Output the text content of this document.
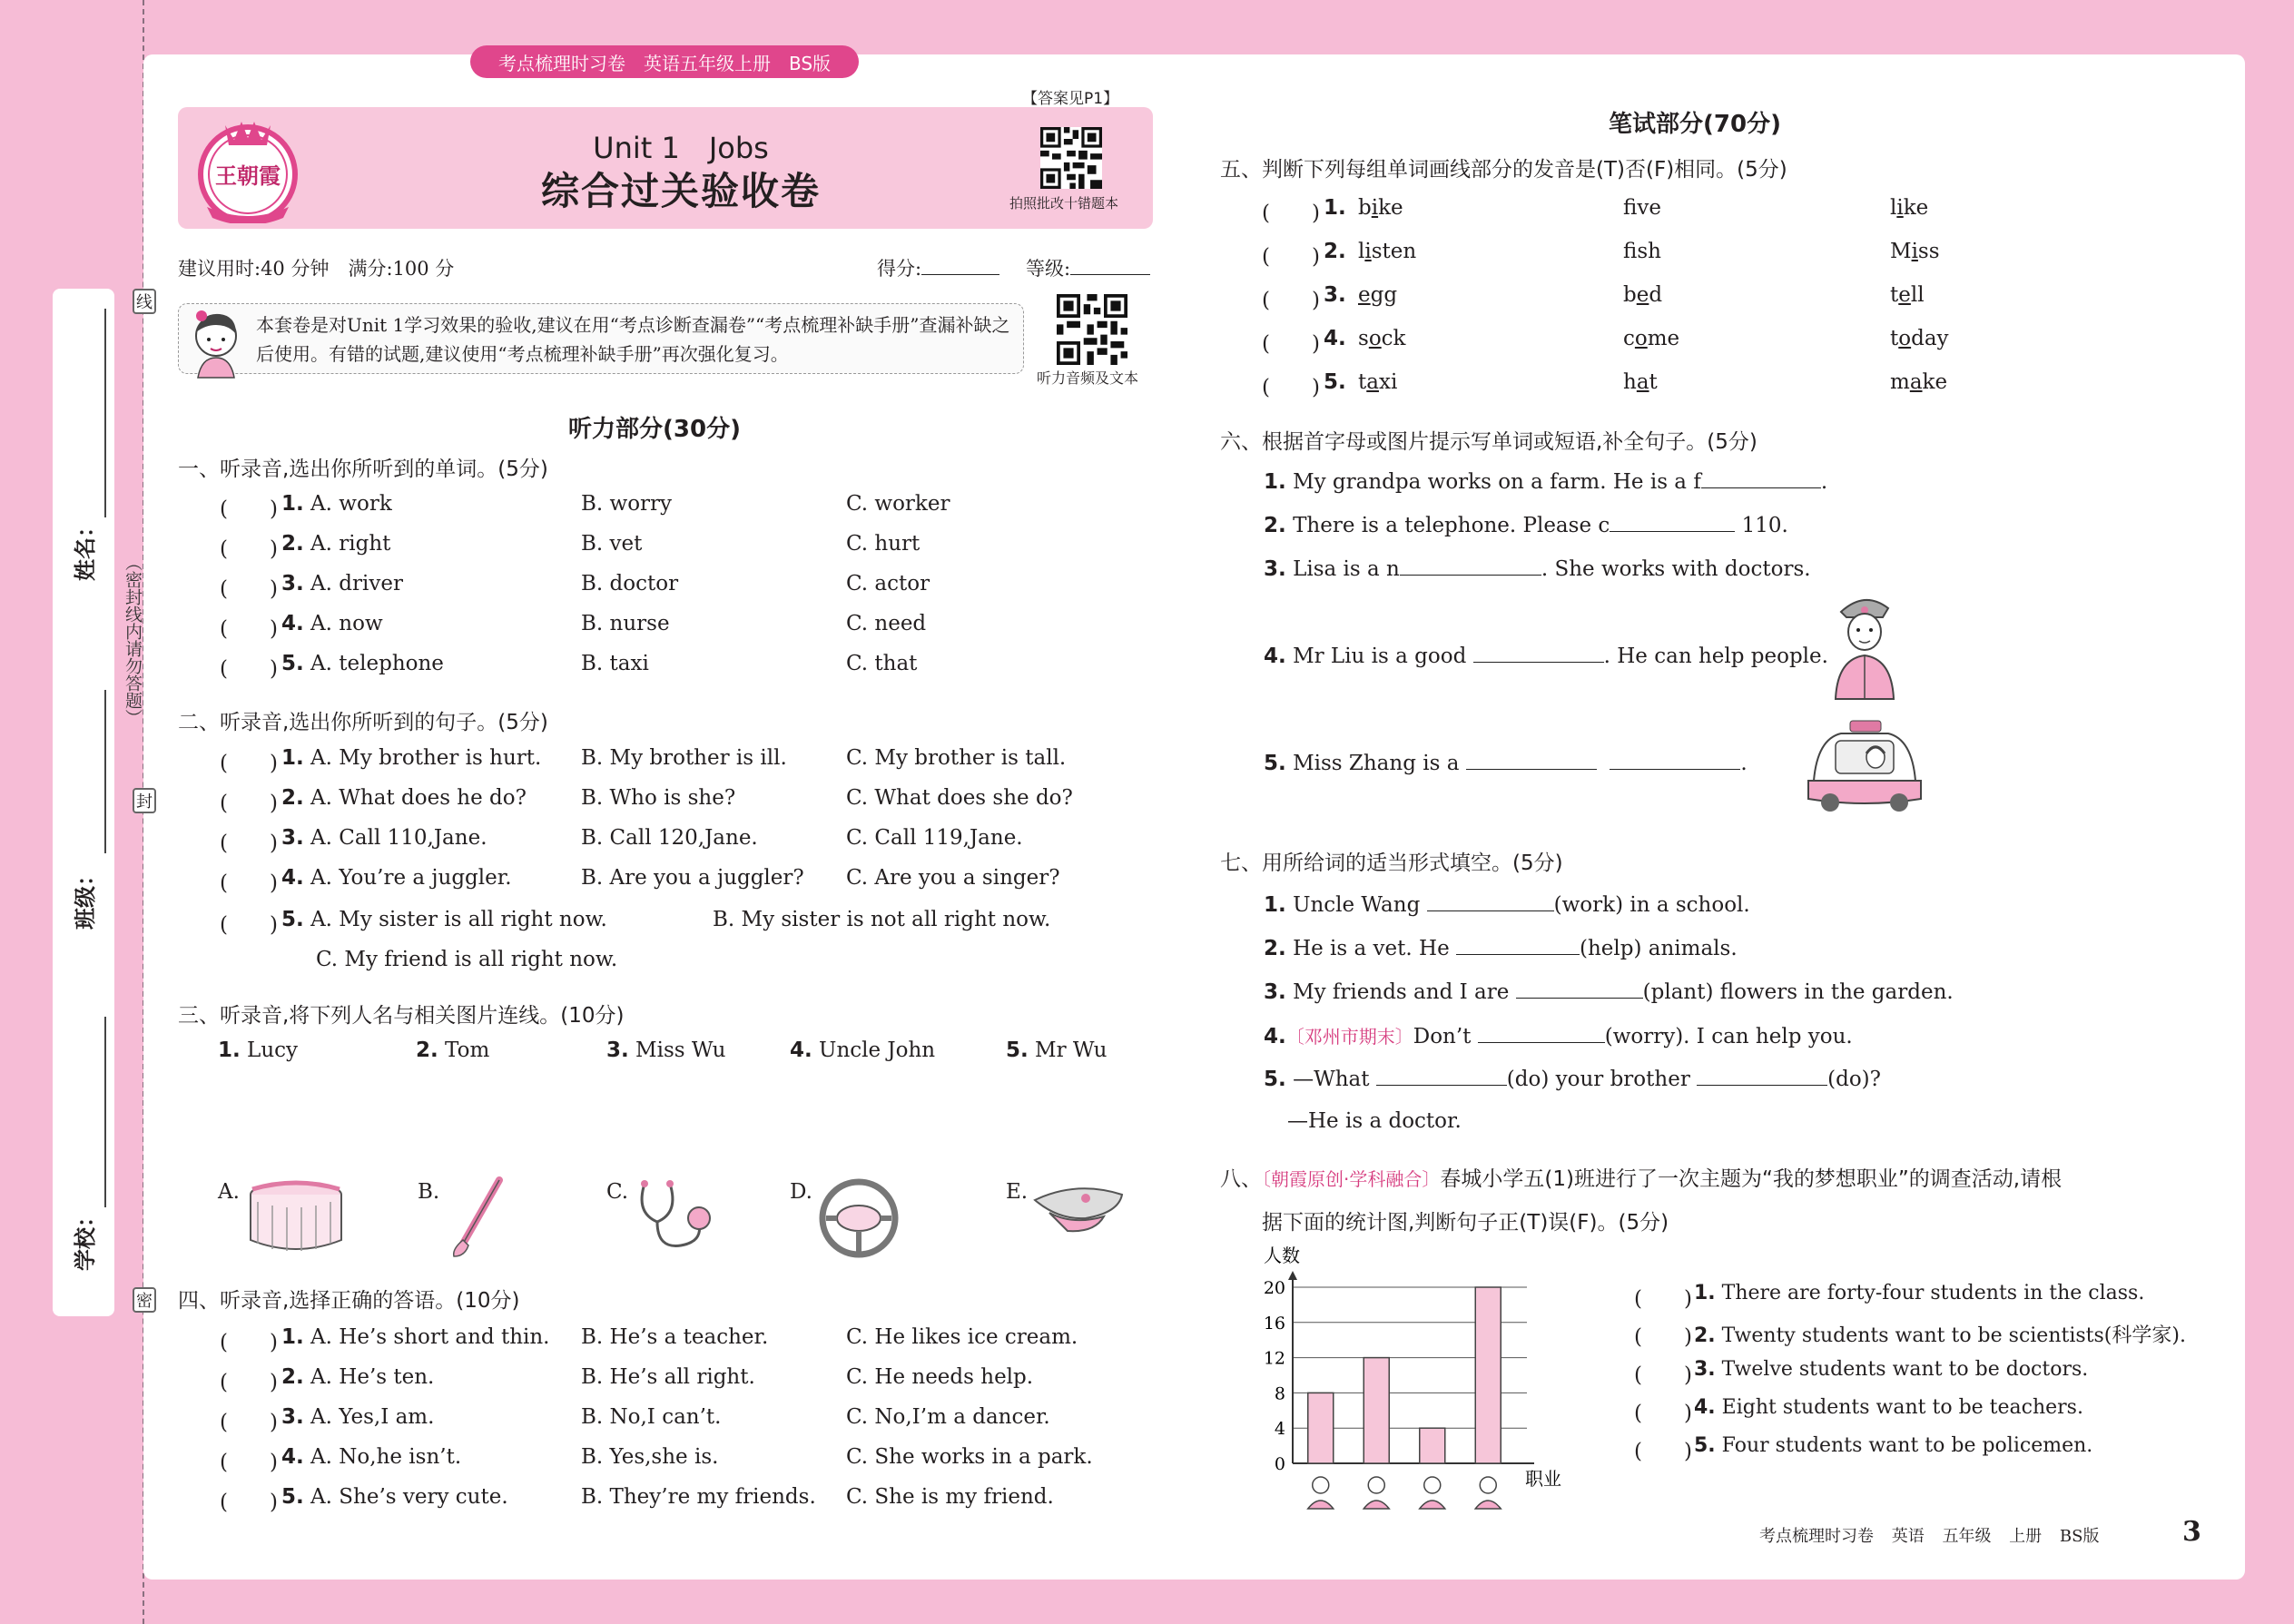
姓名：
班级：
学校：
线
封
密
（密封线内请勿答题）
考点梳理时习卷　英语五年级上册　BS版
王朝霞
【答案见P1】
Unit 1　Jobs
综合过关验收卷	拍照批改十错题本
建议用时:40 分钟　满分:100 分	得分:	等级:
本套卷是对Unit 1学习效果的验收,建议在用“考点诊断查漏卷”“考点梳理补缺手册”查漏补缺之后使用。有错的试题,建议使用“考点梳理补缺手册”再次强化复习。
听力音频及文本
听力部分(30分)
一、听录音,选出你所听到的单词。(5分)
二、听录音,选出你所听到的句子。(5分)
(　　) 5. A. My sister is all right now.	B. My sister is not all right now.
C. My friend is all right now.
三、听录音,将下列人名与相关图片连线。(10分)
四、听录音,选择正确的答语。(10分)
笔试部分(70分)
五、判断下列每组单词画线部分的发音是(T)否(F)相同。(5分)
六、根据首字母或图片提示写单词或短语,补全句子。(5分)
1. My grandpa works on a farm. He is a f	.
2. There is a telephone. Please c	110.
3. Lisa is a n	. She works with doctors.
4. Mr Liu is a good	. He can help people.
5. Miss Zhang is a	.
七、用所给词的适当形式填空。(5分)
1. Uncle Wang	(work) in a school.
2. He is a vet. He	(help) animals.
3. My friends and I are	(plant) flowers in the garden.
4.〔邓州市期末〕Don’t	(worry). I can help you.
5. —What	(do) your brother	(do)?
—He is a doctor.
八、〔朝霞原创·学科融合〕春城小学五(1)班进行了一次主题为“我的梦想职业”的调查活动,请根
据下面的统计图,判断句子正(T)误(F)。(5分)
人数
职业
0
4
8
12
16
20
考点梳理时习卷 英语 五年级 上册 BS版	3
(　　) 1. A. work	B. worry	C. worker
(　　) 2. A. right	B. vet	C. hurt
(　　) 3. A. driver	B. doctor	C. actor
(　　) 4. A. now	B. nurse	C. need
(　　) 5. A. telephone	B. taxi	C. that
(　　) 1. A. My brother is hurt. B. My brother is ill.	C. My brother is tall.
(　　) 2. A. What does he do?	B. Who is she?	C. What does she do?
(　　) 3. A. Call 110,Jane.	B. Call 120,Jane.	C. Call 119,Jane.
(　　) 4. A. You’re a juggler.	B. Are you a juggler? C. Are you a singer?
(　　) 1. A. He’s short and thin. B. He’s a teacher.	C. He likes ice cream.
(　　) 2. A. He’s ten.	B. He’s all right.	C. He needs help.
(　　) 3. A. Yes,I am.	B. No,I can’t.	C. No,I’m a dancer.
(　　) 4. A. No,he isn’t.	B. Yes,she is.	C. She works in a park.
(　　) 5. A. She’s very cute.	B. They’re my friends. C. She is my friend.
1. Lucy	2. Tom	3. Miss Wu	4. Uncle John	5. Mr Wu
A.	B.	C.	D.	E.
(　　) 1. bike	fve	like
(　　) 2. listen	fsh	Miss
(　　) 3. egg	bed	tell
(　　) 4. sock	come	today
(　　) 5. taxi	hat	make
(　　) 1. There are forty-four students in the class.
(　　) 2. Twenty students want to be scientists(科学家).
(　　) 3. Twelve students want to be doctors.
(　　) 4. Eight students want to be teachers.
(　　) 5. Four students want to be policemen.
